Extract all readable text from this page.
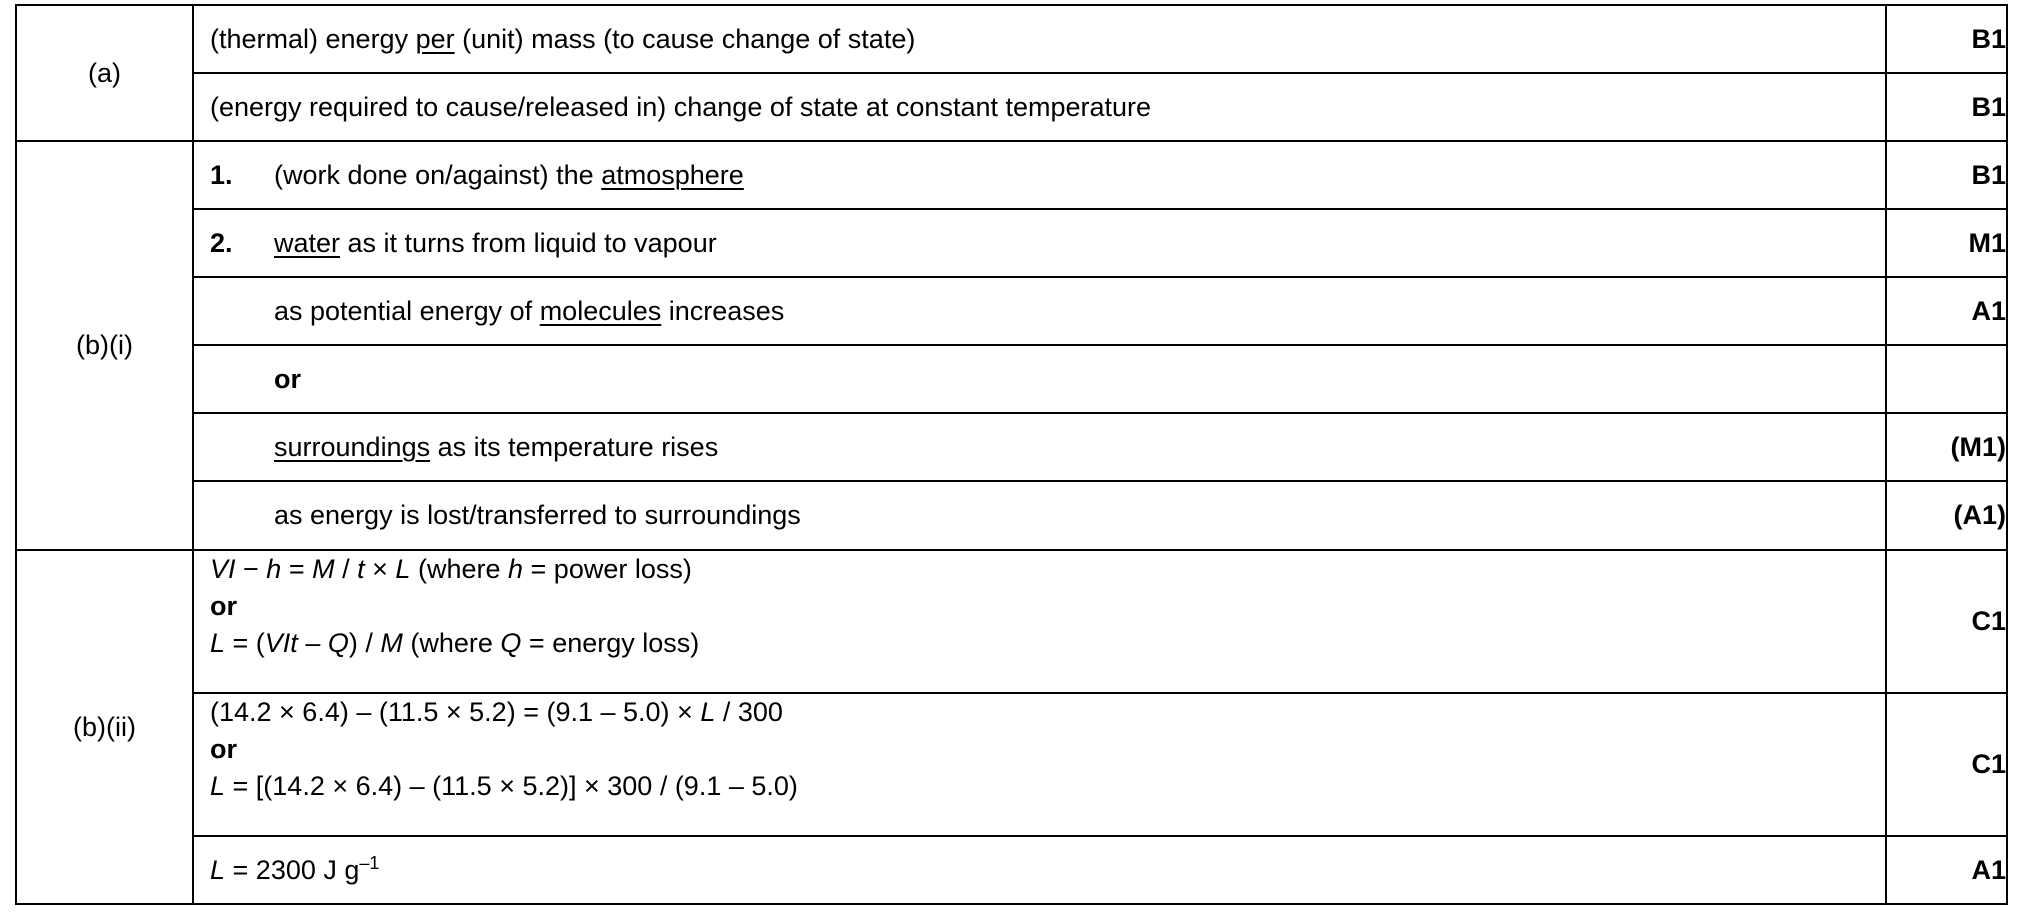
(a)	(thermal) energy per (unit) mass (to cause change of state)	B1

	(energy required to cause/released in) change of state at constant temperature	B1
(b)(i)	1. (work done on/against) the atmosphere	B1

	2. water as it turns from liquid to vapour	M1

	as potential energy of molecules increases	A1

	or	

	surroundings as its temperature rises	(M1)

	as energy is lost/transferred to surroundings	(A1)
(b)(ii)	VI − h = M / t × L (where h = power loss)
or
L = (VIt – Q) / M (where Q = energy loss)	C1

	(14.2 × 6.4) – (11.5 × 5.2) = (9.1 – 5.0) × L / 300
or
L = [(14.2 × 6.4) – (11.5 × 5.2)] × 300 / (9.1 – 5.0)	C1

	L = 2300 J $g^{-1}$	A1
